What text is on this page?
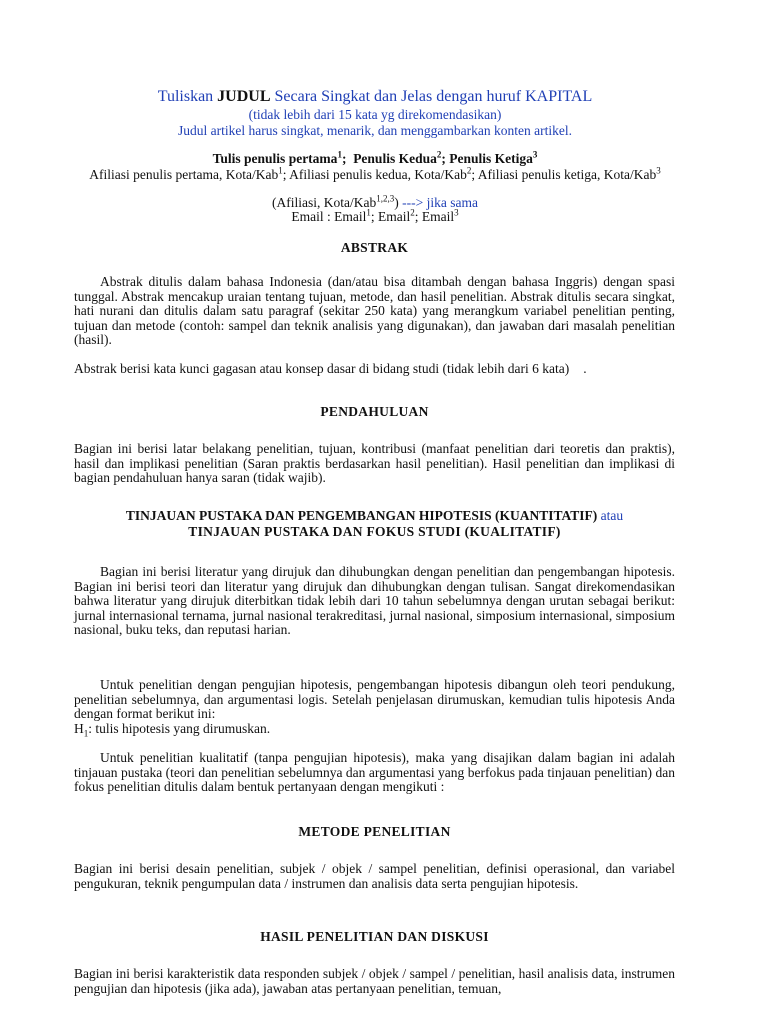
Tuliskan JUDUL Secara Singkat dan Jelas dengan huruf KAPITAL
(tidak lebih dari 15 kata yg direkomendasikan)
Judul artikel harus singkat, menarik, dan menggambarkan konten artikel.
Tulis penulis pertama$^1$;  Penulis Kedua$^2$; Penulis Ketiga$^3$
Afiliasi penulis pertama, Kota/Kab$^1$; Afiliasi penulis kedua, Kota/Kab$^2$; Afiliasi penulis ketiga, Kota/Kab$^3$
(Afiliasi, Kota/Kab$^{1,2,3}$) ---> jika sama
Email : Email$^1$; Email$^2$; Email$^3$
ABSTRAK
Abstrak ditulis dalam bahasa Indonesia (dan/atau bisa ditambah dengan bahasa Inggris) dengan spasi tunggal. Abstrak mencakup uraian tentang tujuan, metode, dan hasil penelitian. Abstrak ditulis secara singkat, hati nurani dan ditulis dalam satu paragraf (sekitar 250 kata) yang merangkum variabel penelitian penting, tujuan dan metode (contoh: sampel dan teknik analisis yang digunakan), dan jawaban dari masalah penelitian (hasil).
Abstrak berisi kata kunci gagasan atau konsep dasar di bidang studi (tidak lebih dari 6 kata) .
PENDAHULUAN
Bagian ini berisi latar belakang penelitian, tujuan, kontribusi (manfaat penelitian dari teoretis dan praktis), hasil dan implikasi penelitian (Saran praktis berdasarkan hasil penelitian). Hasil penelitian dan implikasi di bagian pendahuluan hanya saran (tidak wajib).
TINJAUAN PUSTAKA DAN PENGEMBANGAN HIPOTESIS (KUANTITATIF) atau
TINJAUAN PUSTAKA DAN FOKUS STUDI (KUALITATIF)
Bagian ini berisi literatur yang dirujuk dan dihubungkan dengan penelitian dan pengembangan hipotesis. Bagian ini berisi teori dan literatur yang dirujuk dan dihubungkan dengan tulisan. Sangat direkomendasikan bahwa literatur yang dirujuk diterbitkan tidak lebih dari 10 tahun sebelumnya dengan urutan sebagai berikut: jurnal internasional ternama, jurnal nasional terakreditasi, jurnal nasional, simposium internasional, simposium nasional, buku teks, dan reputasi harian.
Untuk penelitian dengan pengujian hipotesis, pengembangan hipotesis dibangun oleh teori pendukung, penelitian sebelumnya, dan argumentasi logis. Setelah penjelasan dirumuskan, kemudian tulis hipotesis Anda dengan format berikut ini:
$H_1$: tulis hipotesis yang dirumuskan.
Untuk penelitian kualitatif (tanpa pengujian hipotesis), maka yang disajikan dalam bagian ini adalah tinjauan pustaka (teori dan penelitian sebelumnya dan argumentasi yang berfokus pada tinjauan penelitian) dan fokus penelitian ditulis dalam bentuk pertanyaan dengan mengikuti :
METODE PENELITIAN
Bagian ini berisi desain penelitian, subjek / objek / sampel penelitian, definisi operasional, dan variabel pengukuran, teknik pengumpulan data / instrumen dan analisis data serta pengujian hipotesis.
HASIL PENELITIAN DAN DISKUSI
Bagian ini berisi karakteristik data responden subjek / objek / sampel / penelitian, hasil analisis data, instrumen pengujian dan hipotesis (jika ada), jawaban atas pertanyaan penelitian, temuan,
